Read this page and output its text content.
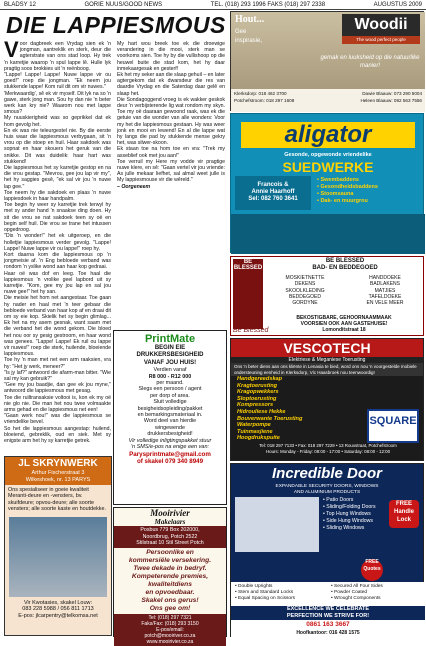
BLADSY 12	GORIE NUUS/GOOD NEWS	TEL. (018) 293 1996 FAKS (018) 297 2338	AUGUSTUS 2009
DIE LAPPIESMOUS

Voor dagbreek een Vrydag sien ek 'n jongman, aantreklik en sterk, deur die agterstrate van ons stad loop. Hy trek 'n karretjie waarop 'n spul lappe lê. Hulle lyk pragtig soos brokkies uit 'n reënboog.

"Lappe! Lappe! Lappe! Nuwe lappe vir ou goed!" roep die jongman. "Ek neem jou stukkende lappe! Kom ruil dit om vir nuwes."

'Merkwaardig', sê ek vir myself. Dit lyk na so 'n gawe, sterk jong man. Sou hy dan nie 'n beter werk kan kry nie? Waarom nou met lappe smous?

My nuuskierigheid was so geprikkel dat ek hom gevolg het.

En ek was nie teleurgestel nie. By die eerste huis waar die lappiesmous verbygaan, sit 'n vrou op die stoep en huil. Haar sakdoek was sopnat en haar skouers het geruk van die snikke. Dit was duidelik: haar hart was stukkend!

Die lappiesmous het sy karretjie gestop en na die vrou gestap. "Mevrou, gee jou lap vir my", het hy saggies gesê, "ek sal vir jou 'n nuwe lap gee."

Toe neem hy die sakdoek en plaas 'n nuwe lappiesdoek in haar handpalm.

Toe begin hy weer sy karretjie trek terwyl hy met sy ander hand 'n snaakse ding doen. Hy sit die vrou se nat sakdoek teen sy oë en begin self huil. Die vrou se trane het intussen opgedroog.

"Dis 'n wonder!" het ek uitgeroep, en die holletjie lappiesmous verder gevolg. "Lappe! Lappe! Nuwe lappe vir ou lappe!" roep hy.

Kort daarna kom die lappiesmous op 'n jongmeisie af. 'n Eng bebloede verband was rondom 'n yslike wond aan haar kop gedraai.

Haar oë was dof en leeg. Toe haal die lappiesmous 'n vrolike geel lapbord uit sy karretjie. "Kom, gee my jou lap en sal jou nuwe gee!" het hy san.

Die meisie het hom net aangestaar. Toe gaan hy nader en haal met 'n teer gebaar die bebloede verband van haar kop af en draai dit om sy eie kop. Skielik het sy begin glimlag... Ek het na my asem gesnak, want saam met die verband het die wond gekom. Die bloed het nou oor sy gesig gestroom, en haar wond was genees. "Lappe! Lappe! Ek ruil ou lappe vir nuwes!" roep die sterk, huilende, bloeiende lappiesmous.

Toe hy 'n man met net een arm raaksien, vra hy: "Het jy werk, meneer?"

"Is jy laf?" antwoord die afarm-man bitter. "Wie sal my kan gebruik?"

"Gee my jou baadjie, dan gee ek jou myne," antwoord die lappiesmous met gesag.

Toe die ruiltransaksie voltooi is, kon ek my oë nie glo nie. Die man het nou twee volmaakte arms gehad en die lappiesmous net een!

"Gaan werk nou!" was die lappiesmous se vriendelike bevel.

So het die lappiesmous aangestap: huilend, bloeiend, gebreklik, oud en siek. Met sy enigste arm het hy sy karretjie getrek.

My hart wou breek toe ek die droewige verandering in die mooi, sterk man se voorkoms sien. Toe hy by die vullishoop op die heuwel buite die stad kom, het hy daar inmekaargesak en gesterf!

Ek het my seker aan die slaap gehuil – en later agtergekom dat ek dwarsdeur die res van daardie Vrydag en die Saterdag daar gelê en slaap het.

Die Sondagoggend vroeg is ek wakker geskok deur 'n verbijsterende lig wat rondom my skyn. Toe my oë daaraan gewoond raak, was ek die getuie van die wonder van alle wonders: Voor my het die lappiesmous gestaan. Hy was weer jonk en mooi en lewend! En al die lappe wat hy langs die pad by stukkende mense gekry het, was silwer-skoon.

Ek staan toe na hom toe en vra: "Trek my asseblief ook met jou aan!"

Toe verruil my Here my vodde vir pragtige nuwe klere, en sê: "Gaan vertel vir jou vriende: As julle mekaar liefhet, sal almal weet julle is My lappiesmouse vir die wêreld."

– Oorgeneem

Hout...
Gee
inspirasie,
Woodii
The wood perfect people
gemak en luuksheid op die natuurlike manier!
Klerksdorp: 018 462 3700	Dawie Blaauw: 073 290 5004
Potchefstroom: 018 297 1608	Heleen Blaauw: 082 563 7556
aligator
Gesonde, opgewonde vriendelike
SUEDWERKE
Francois &
Annie Haarhoff
Sel: 082 760 3641
• Swembaddens
• Gesondheidsbaddens
• Stoomsauna
• Dak- en muurgrou
BE BLESSED
BE BLESSED
BAD- EN BEDDEGOED
MOSKIETNETTE
DEKENS
SKOOLKLEDING
BEDDEGOED
GORDYNE
HANDDOEKE
BADLAKENS
MATJIES
TAFELDOEKE
EN VELE MEER
BEKOSTIGBARE, GEHOORNAAMMAAK
VOORSIEN OOK AAN GASTEHUISE!
Lomonditstraat 18
Be Blessed
PrintMate
BEGIN EIE
DRUKKERSBESIGHEID
VANAF JOU HUIS!
Verdien vanaf
R8 000 - R12 000
per maand.
Slegs een persoon / agent
per dorp of area.
Sluit volledige
besigheidsopleiding/pakket
en bemarkingsmateriaal in.
Word deel van hierdie
wingewende
drukkersbesigheid!
Vir volledige inligtingspakket stuur
'n SMS/e-pos na enige een van:
Parysprintmate@gmail.com
of skakel 079 340 8949
VESCOTECH
Elektriese & Meganiese Toerusting
Ons 'n beter diens aan ons kliënte in Lenasia te bied, word ons nou 'n voorgestelde mobiele ondersteuning eenheid in Klerksdorp, Vic Haasbroek nou teenwoordig!
Handgereedskap
Kragtoerusting
Kragopwekkers
Sloptoerusting
Kompressors
Hidrouliese Hekke
Bouverwante Toerusting
Waterpompe
Tuinmasjiene
Hoogdrukspuite
SQUARE
Tel: 018 297 7133 • Fax: 018 297 7229 • 13 Rouxstraat, Potchefstroom
Hours: Monday - Friday: 08:00 - 17:00 • Saturday: 08:00 - 12:00
JL SKRYNWERK
Arthur Fischerstraat 3
Wilkeshoek, nr. 13 PARYS
Ons spesialiseer in goeie kwaliteit Meranti-deure en -vensters, bv. skuifdeure; opvou-deure; alle soorte vensters; alle soorte kaste en houtdekke.
Vir Kwotasies, skakel Louw:
083 228 5988 / 056 811 1713
E-pos: jlcarpentry@telkomsa.net
Mooirivier
Makelaars
Posbus 779 Box 202000,
Noordbrug, Potch 2522
Stilstraat 10 Stil Street Potch
Persoonlike en
kommersiële versekering.
Twee dekade in bedryf.
Kompeterende premies,
kwaliteitdiens
en opvoedbaar.
Skakel ons gerus!
Ons gee om!
Tel: (018) 297 7321
Faks/Fax: (018) 293 3150
E-pos/email:
potch@mooiriver.co.za
www.mooirivier.co.za
Incredible Door
EXPANDABLE SECURITY DOORS, WINDOWS
AND ALUMINIUM PRODUCTS
• Patio Doors
• Sliding/Folding Doors
• Top Hung Windows
• Side Hung Windows
• Sliding Windows
FREE Handle Lock
FREE Quotes
• Double Uprights
• Stem and Standard Locks
• Equal Spacing on Scissors
• Secured All Four Sides
• Powder Coated
• Wrought Components
EXCELLENCE WE CELEBRATE
PERFECTION WE STRIVE FOR!
0861 163 3667
Hoofkantoor: 016 428 1575
